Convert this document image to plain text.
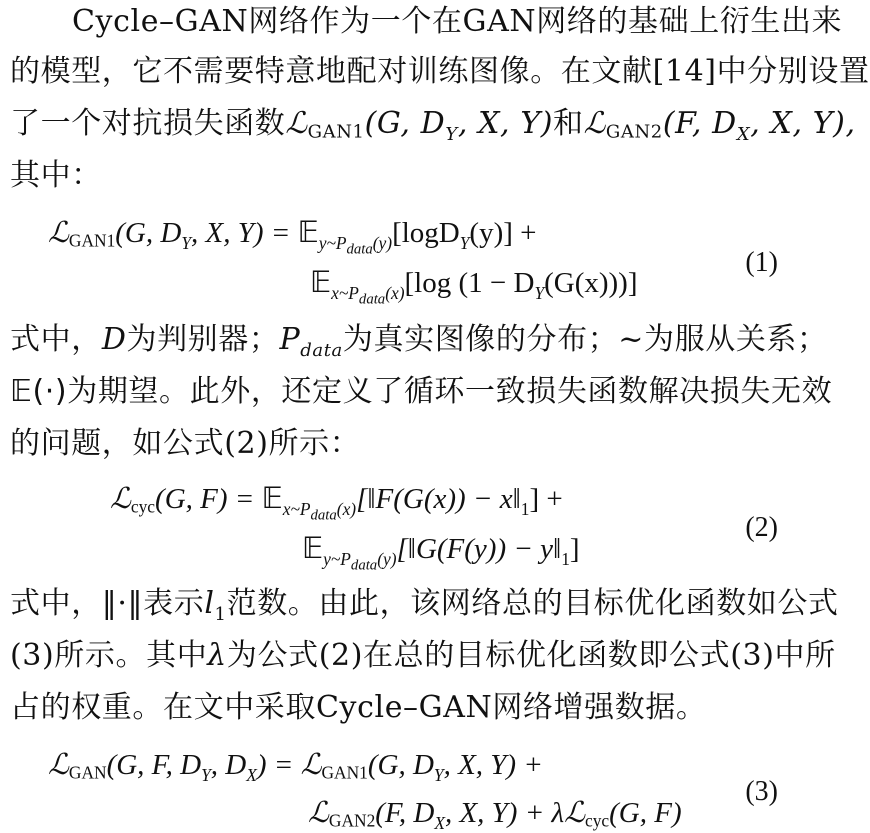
Cycle–GAN网络作为一个在GAN网络的基础上衍生出来
的模型，它不需要特意地配对训练图像。在文献[14]中分别设置
了一个对抗损失函数ℒ$_{GAN1}$(G, $D_Y$, X, Y)和ℒ$_{GAN2}$(F, $D_X$, X, Y),
其中：
ℒ$_{GAN1}$(G, $D_Y$, X, Y) = 𝔼$_{y\sim P_{data}(y)}$[logD$_Y$(y)] +
𝔼$_{x\sim P_{data}(x)}$[log $(1 - D_Y(G(x)))$]
(1)
式中，D为判别器；$P_{data}$为真实图像的分布；~为服从关系；
𝔼(·)为期望。此外，还定义了循环一致损失函数解决损失无效
的问题，如公式(2)所示：
ℒ$_{cyc}$(G, F) = 𝔼$_{x\sim P_{data}(x)}$[‖F(G(x)) − $x‖_1$] +
𝔼$_{y\sim P_{data}(y)}$[‖G(F(y)) − $y‖_1$]
(2)
式中，‖·‖表示$l_1$范数。由此，该网络总的目标优化函数如公式
(3)所示。其中λ为公式(2)在总的目标优化函数即公式(3)中所
占的权重。在文中采取Cycle–GAN网络增强数据。
ℒ$_{GAN}$(G, F, $D_Y$, $D_X$) = ℒ$_{GAN1}$(G, $D_Y$, X, Y) +
ℒ$_{GAN2}$(F, $D_X$, X, Y) + λℒ$_{cyc}$(G, F)
(3)
